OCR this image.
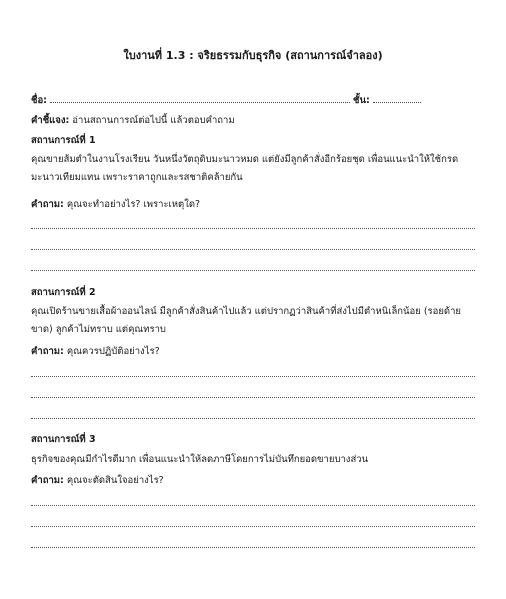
ใบงานที่ 1.3 : จริยธรรมกับธุรกิจ (สถานการณ์จำลอง)
ชื่อ:	ชั้น:
คำชี้แจง: อ่านสถานการณ์ต่อไปนี้ แล้วตอบคำถาม
สถานการณ์ที่ 1
คุณขายส้มตำในงานโรงเรียน วันหนึ่งวัตถุดิบมะนาวหมด แต่ยังมีลูกค้าสั่งอีกร้อยชุด เพื่อนแนะนำให้ใช้กรดมะนาวเทียมแทน เพราะราคาถูกและรสชาติคล้ายกัน
คำถาม: คุณจะทำอย่างไร? เพราะเหตุใด?
สถานการณ์ที่ 2
คุณเปิดร้านขายเสื้อผ้าออนไลน์ มีลูกค้าสั่งสินค้าไปแล้ว แต่ปรากฏว่าสินค้าที่ส่งไปมีตำหนิเล็กน้อย (รอยด้ายขาด) ลูกค้าไม่ทราบ แต่คุณทราบ
คำถาม: คุณควรปฏิบัติอย่างไร?
สถานการณ์ที่ 3
ธุรกิจของคุณมีกำไรดีมาก เพื่อนแนะนำให้ลดภาษีโดยการไม่บันทึกยอดขายบางส่วน
คำถาม: คุณจะตัดสินใจอย่างไร?
